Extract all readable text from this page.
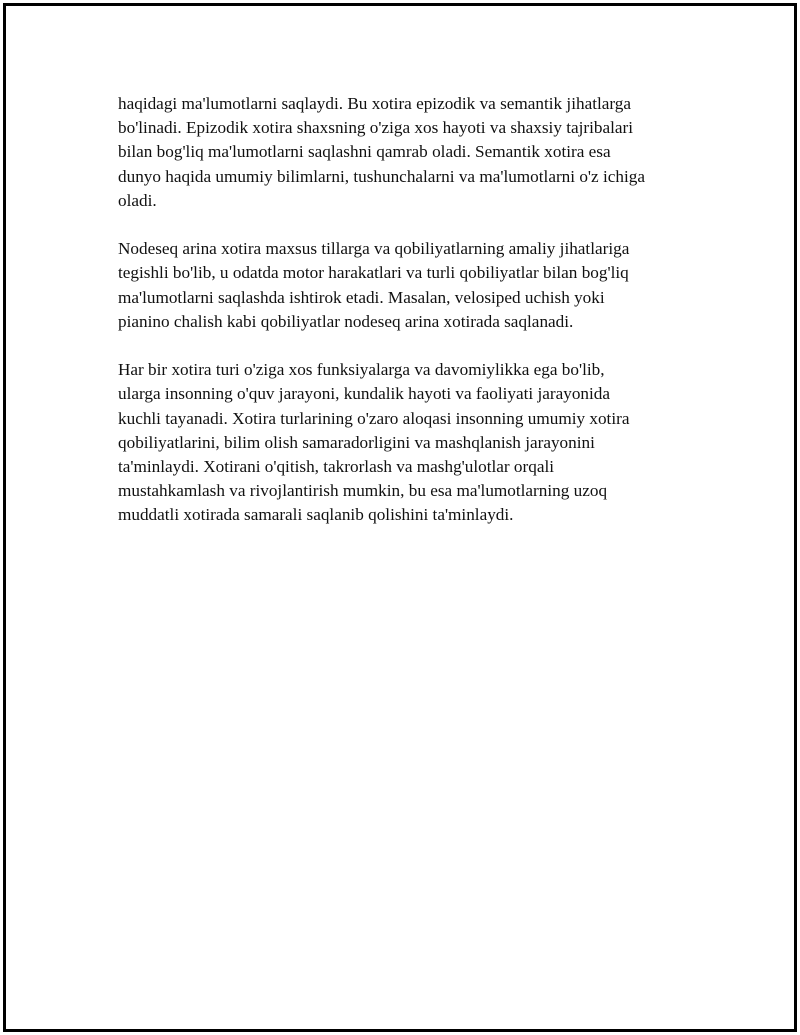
haqidagi ma'lumotlarni saqlaydi. Bu xotira epizodik va semantik jihatlarga
bo'linadi. Epizodik xotira shaxsning o'ziga xos hayoti va shaxsiy tajribalari
bilan bog'liq ma'lumotlarni saqlashni qamrab oladi. Semantik xotira esa
dunyo haqida umumiy bilimlarni, tushunchalarni va ma'lumotlarni o'z ichiga
oladi.

Nodeseq arina xotira maxsus tillarga va qobiliyatlarning amaliy jihatlariga
tegishli bo'lib, u odatda motor harakatlari va turli qobiliyatlar bilan bog'liq
ma'lumotlarni saqlashda ishtirok etadi. Masalan, velosiped uchish yoki
pianino chalish kabi qobiliyatlar nodeseq arina xotirada saqlanadi.

Har bir xotira turi o'ziga xos funksiyalarga va davomiylikka ega bo'lib,
ularga insonning o'quv jarayoni, kundalik hayoti va faoliyati jarayonida
kuchli tayanadi. Xotira turlarining o'zaro aloqasi insonning umumiy xotira
qobiliyatlarini, bilim olish samaradorligini va mashqlanish jarayonini
ta'minlaydi. Xotirani o'qitish, takrorlash va mashg'ulotlar orqali
mustahkamlash va rivojlantirish mumkin, bu esa ma'lumotlarning uzoq
muddatli xotirada samarali saqlanib qolishini ta'minlaydi.
